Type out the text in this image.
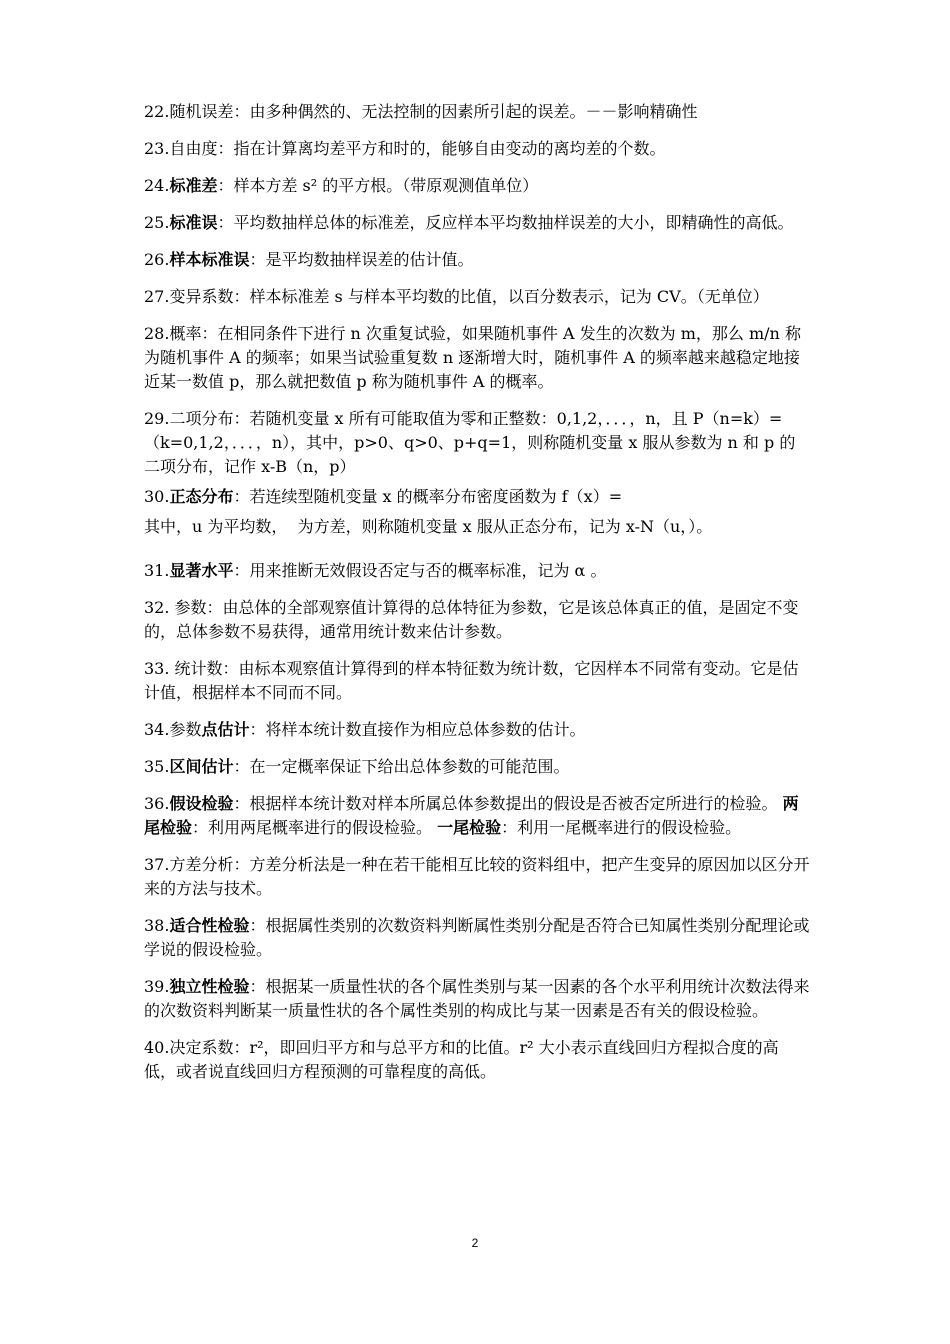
22.随机误差：由多种偶然的、无法控制的因素所引起的误差。－－影响精确性
23.自由度：指在计算离均差平方和时的，能够自由变动的离均差的个数。
24.标准差：样本方差 s² 的平方根。（带原观测值单位）
25.标准误：平均数抽样总体的标准差，反应样本平均数抽样误差的大小，即精确性的高低。
26.样本标准误：是平均数抽样误差的估计值。
27.变异系数：样本标准差 s 与样本平均数的比值，以百分数表示，记为 CV。（无单位）
28.概率：在相同条件下进行 n 次重复试验，如果随机事件 A 发生的次数为 m，那么 m/n 称为随机事件 A 的频率；如果当试验重复数 n 逐渐增大时，随机事件 A 的频率越来越稳定地接近某一数值 p，那么就把数值 p 称为随机事件 A 的概率。
29.二项分布：若随机变量 x 所有可能取值为零和正整数：0,1,2，．．．，n，且 P（n=k）=               （k=0,1,2，．．．，n），其中，p>0、q>0、p+q=1，则称随机变量 x 服从参数为 n 和 p 的二项分布，记作 x-B（n，p）
30.正态分布：若连续型随机变量 x 的概率分布密度函数为 f（x）=
其中，u 为平均数，  为方差，则称随机变量 x 服从正态分布，记为 x-N（u，）。
31.显著水平：用来推断无效假设否定与否的概率标准，记为 α 。
32. 参数：由总体的全部观察值计算得的总体特征为参数，它是该总体真正的值，是固定不变的，总体参数不易获得，通常用统计数来估计参数。
33. 统计数：由标本观察值计算得到的样本特征数为统计数，它因样本不同常有变动。它是估计值，根据样本不同而不同。
34.参数点估计：将样本统计数直接作为相应总体参数的估计。
35.区间估计：在一定概率保证下给出总体参数的可能范围。
36.假设检验：根据样本统计数对样本所属总体参数提出的假设是否被否定所进行的检验。 两尾检验：利用两尾概率进行的假设检验。 一尾检验：利用一尾概率进行的假设检验。
37.方差分析：方差分析法是一种在若干能相互比较的资料组中，把产生变异的原因加以区分开来的方法与技术。
38.适合性检验：根据属性类别的次数资料判断属性类别分配是否符合已知属性类别分配理论或学说的假设检验。
39.独立性检验：根据某一质量性状的各个属性类别与某一因素的各个水平利用统计次数法得来的次数资料判断某一质量性状的各个属性类别的构成比与某一因素是否有关的假设检验。
40.决定系数：r²，即回归平方和与总平方和的比值。r² 大小表示直线回归方程拟合度的高低，或者说直线回归方程预测的可靠程度的高低。
2
